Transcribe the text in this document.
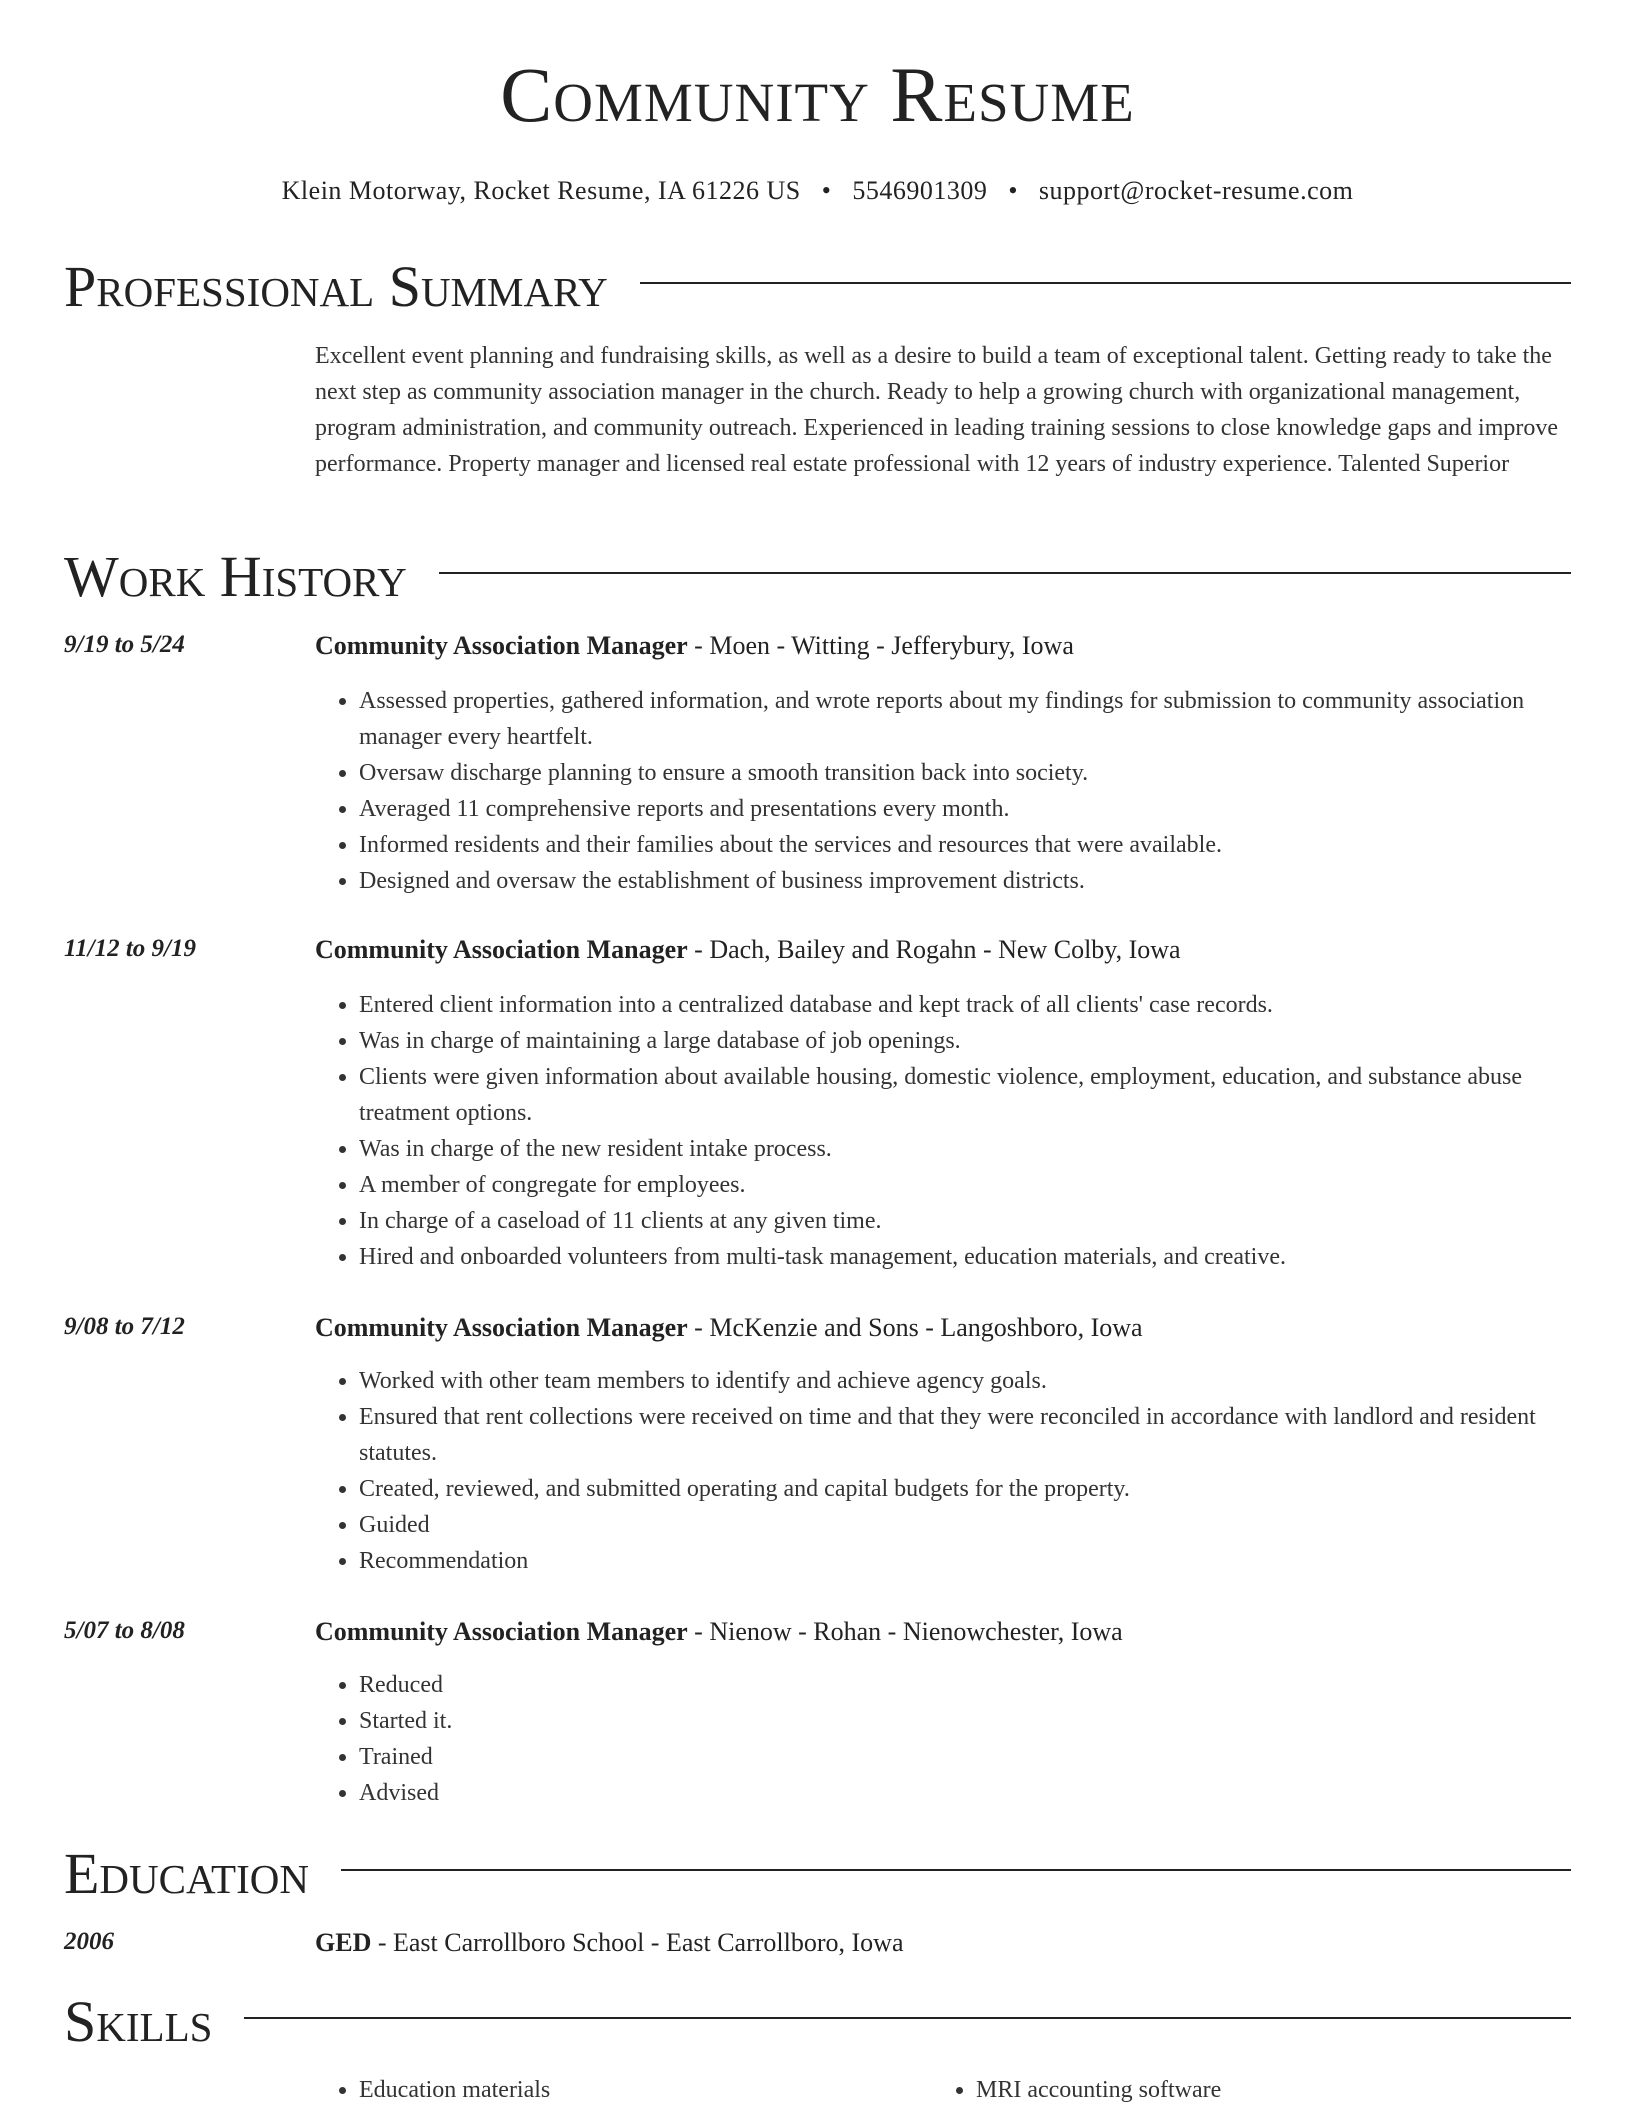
Community Resume
Klein Motorway, Rocket Resume, IA 61226 US • 5546901309 • support@rocket-resume.com
Professional Summary
Excellent event planning and fundraising skills, as well as a desire to build a team of exceptional talent. Getting ready to take the next step as community association manager in the church. Ready to help a growing church with organizational management, program administration, and community outreach. Experienced in leading training sessions to close knowledge gaps and improve performance. Property manager and licensed real estate professional with 12 years of industry experience. Talented Superior
Work History
9/19 to 5/24	Community Association Manager - Moen - Witting - Jefferybury, Iowa
• Assessed properties, gathered information, and wrote reports about my findings for submission to community association manager every heartfelt.
• Oversaw discharge planning to ensure a smooth transition back into society.
• Averaged 11 comprehensive reports and presentations every month.
• Informed residents and their families about the services and resources that were available.
• Designed and oversaw the establishment of business improvement districts.
11/12 to 9/19	Community Association Manager - Dach, Bailey and Rogahn - New Colby, Iowa
• Entered client information into a centralized database and kept track of all clients' case records.
• Was in charge of maintaining a large database of job openings.
• Clients were given information about available housing, domestic violence, employment, education, and substance abuse treatment options.
• Was in charge of the new resident intake process.
• A member of congregate for employees.
• In charge of a caseload of 11 clients at any given time.
• Hired and onboarded volunteers from multi-task management, education materials, and creative.
9/08 to 7/12	Community Association Manager - McKenzie and Sons - Langoshboro, Iowa
• Worked with other team members to identify and achieve agency goals.
• Ensured that rent collections were received on time and that they were reconciled in accordance with landlord and resident statutes.
• Created, reviewed, and submitted operating and capital budgets for the property.
• Guided
• Recommendation
5/07 to 8/08	Community Association Manager - Nienow - Rohan - Nienowchester, Iowa
• Reduced
• Started it.
• Trained
• Advised
Education
2006	GED - East Carrollboro School - East Carrollboro, Iowa
Skills
• Education materials
•	MRI accounting software
